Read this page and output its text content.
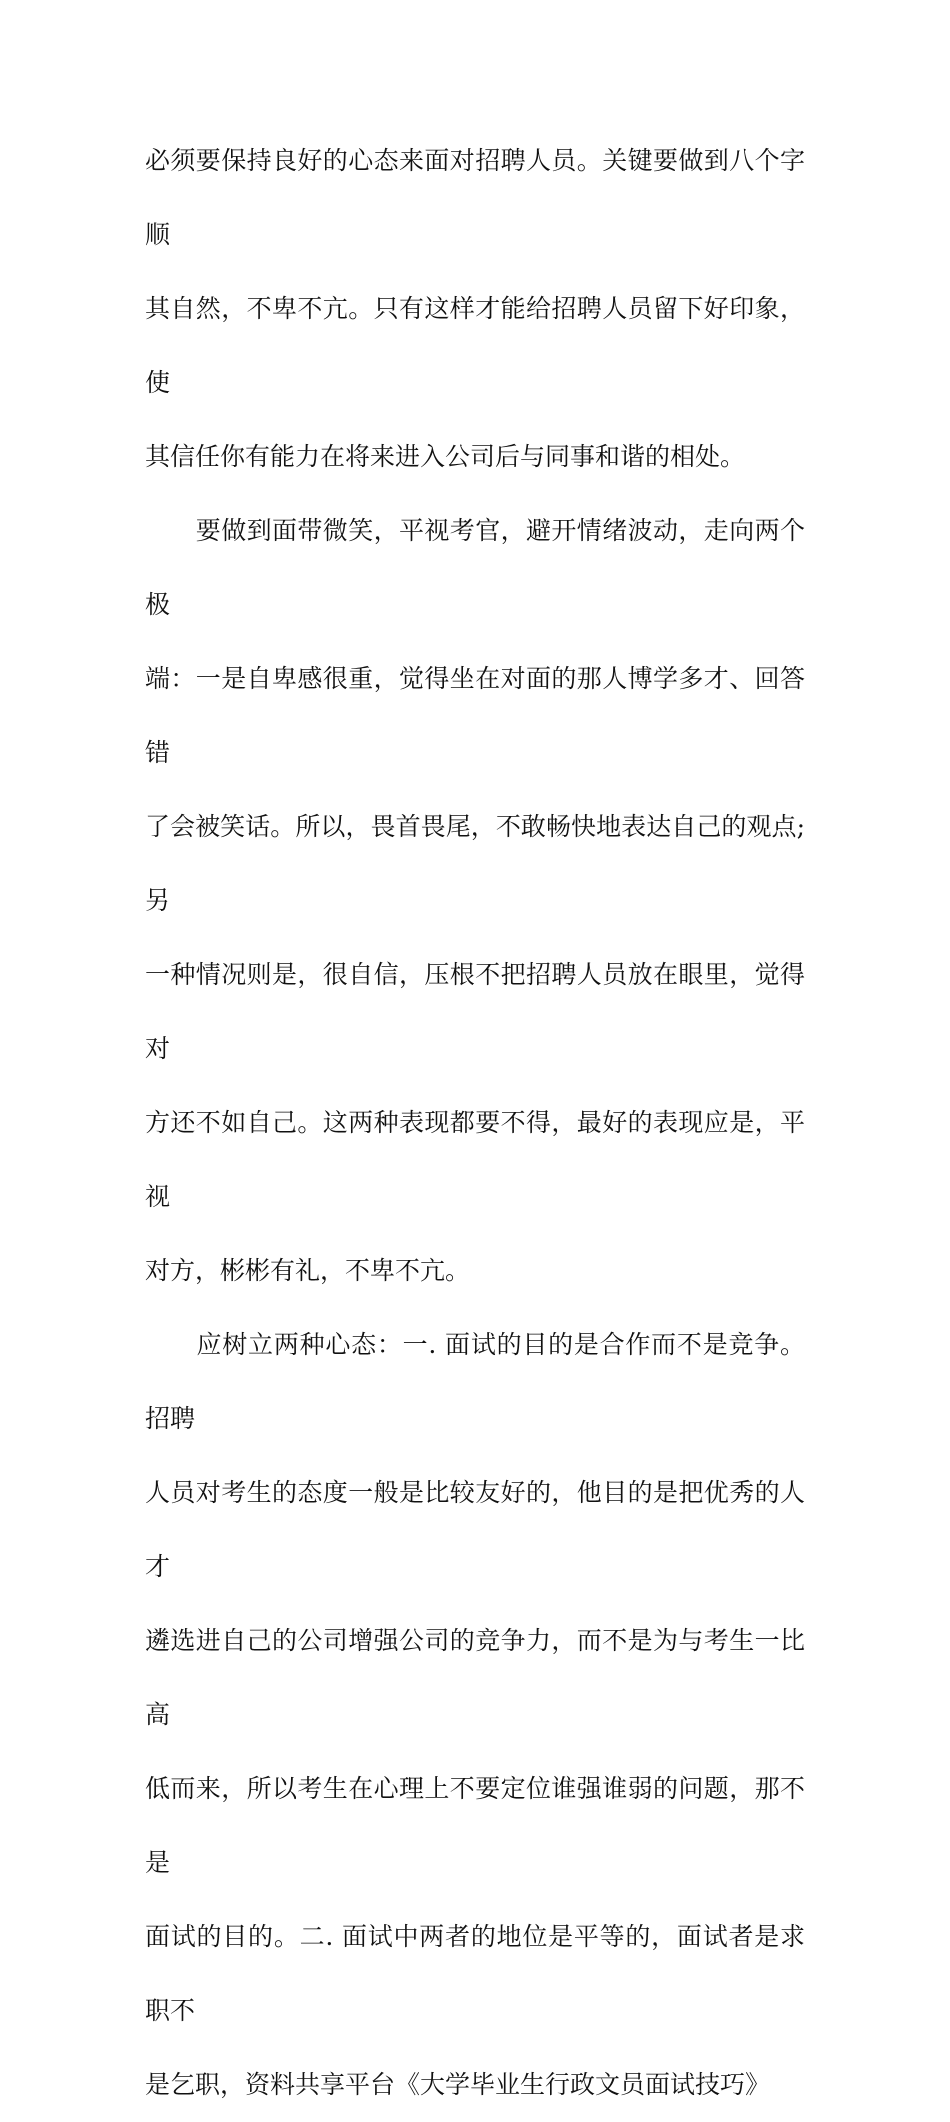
必须要保持良好的心态来面对招聘人员。关键要做到八个字顺
其自然，不卑不亢。只有这样才能给招聘人员留下好印象，使
其信任你有能力在将来进入公司后与同事和谐的相处。

　　要做到面带微笑，平视考官，避开情绪波动，走向两个极
端：一是自卑感很重，觉得坐在对面的那人博学多才、回答错
了会被笑话。所以，畏首畏尾，不敢畅快地表达自己的观点;另
一种情况则是，很自信，压根不把招聘人员放在眼里，觉得对
方还不如自己。这两种表现都要不得，最好的表现应是，平视
对方，彬彬有礼，不卑不亢。

　　应树立两种心态：一. 面试的目的是合作而不是竞争。招聘
人员对考生的态度一般是比较友好的，他目的是把优秀的人才
遴选进自己的公司增强公司的竞争力，而不是为与考生一比高
低而来，所以考生在心理上不要定位谁强谁弱的问题，那不是
面试的目的。二. 面试中两者的地位是平等的，面试者是求职不
是乞职，资料共享平台《大学毕业生行政文员面试技巧》
